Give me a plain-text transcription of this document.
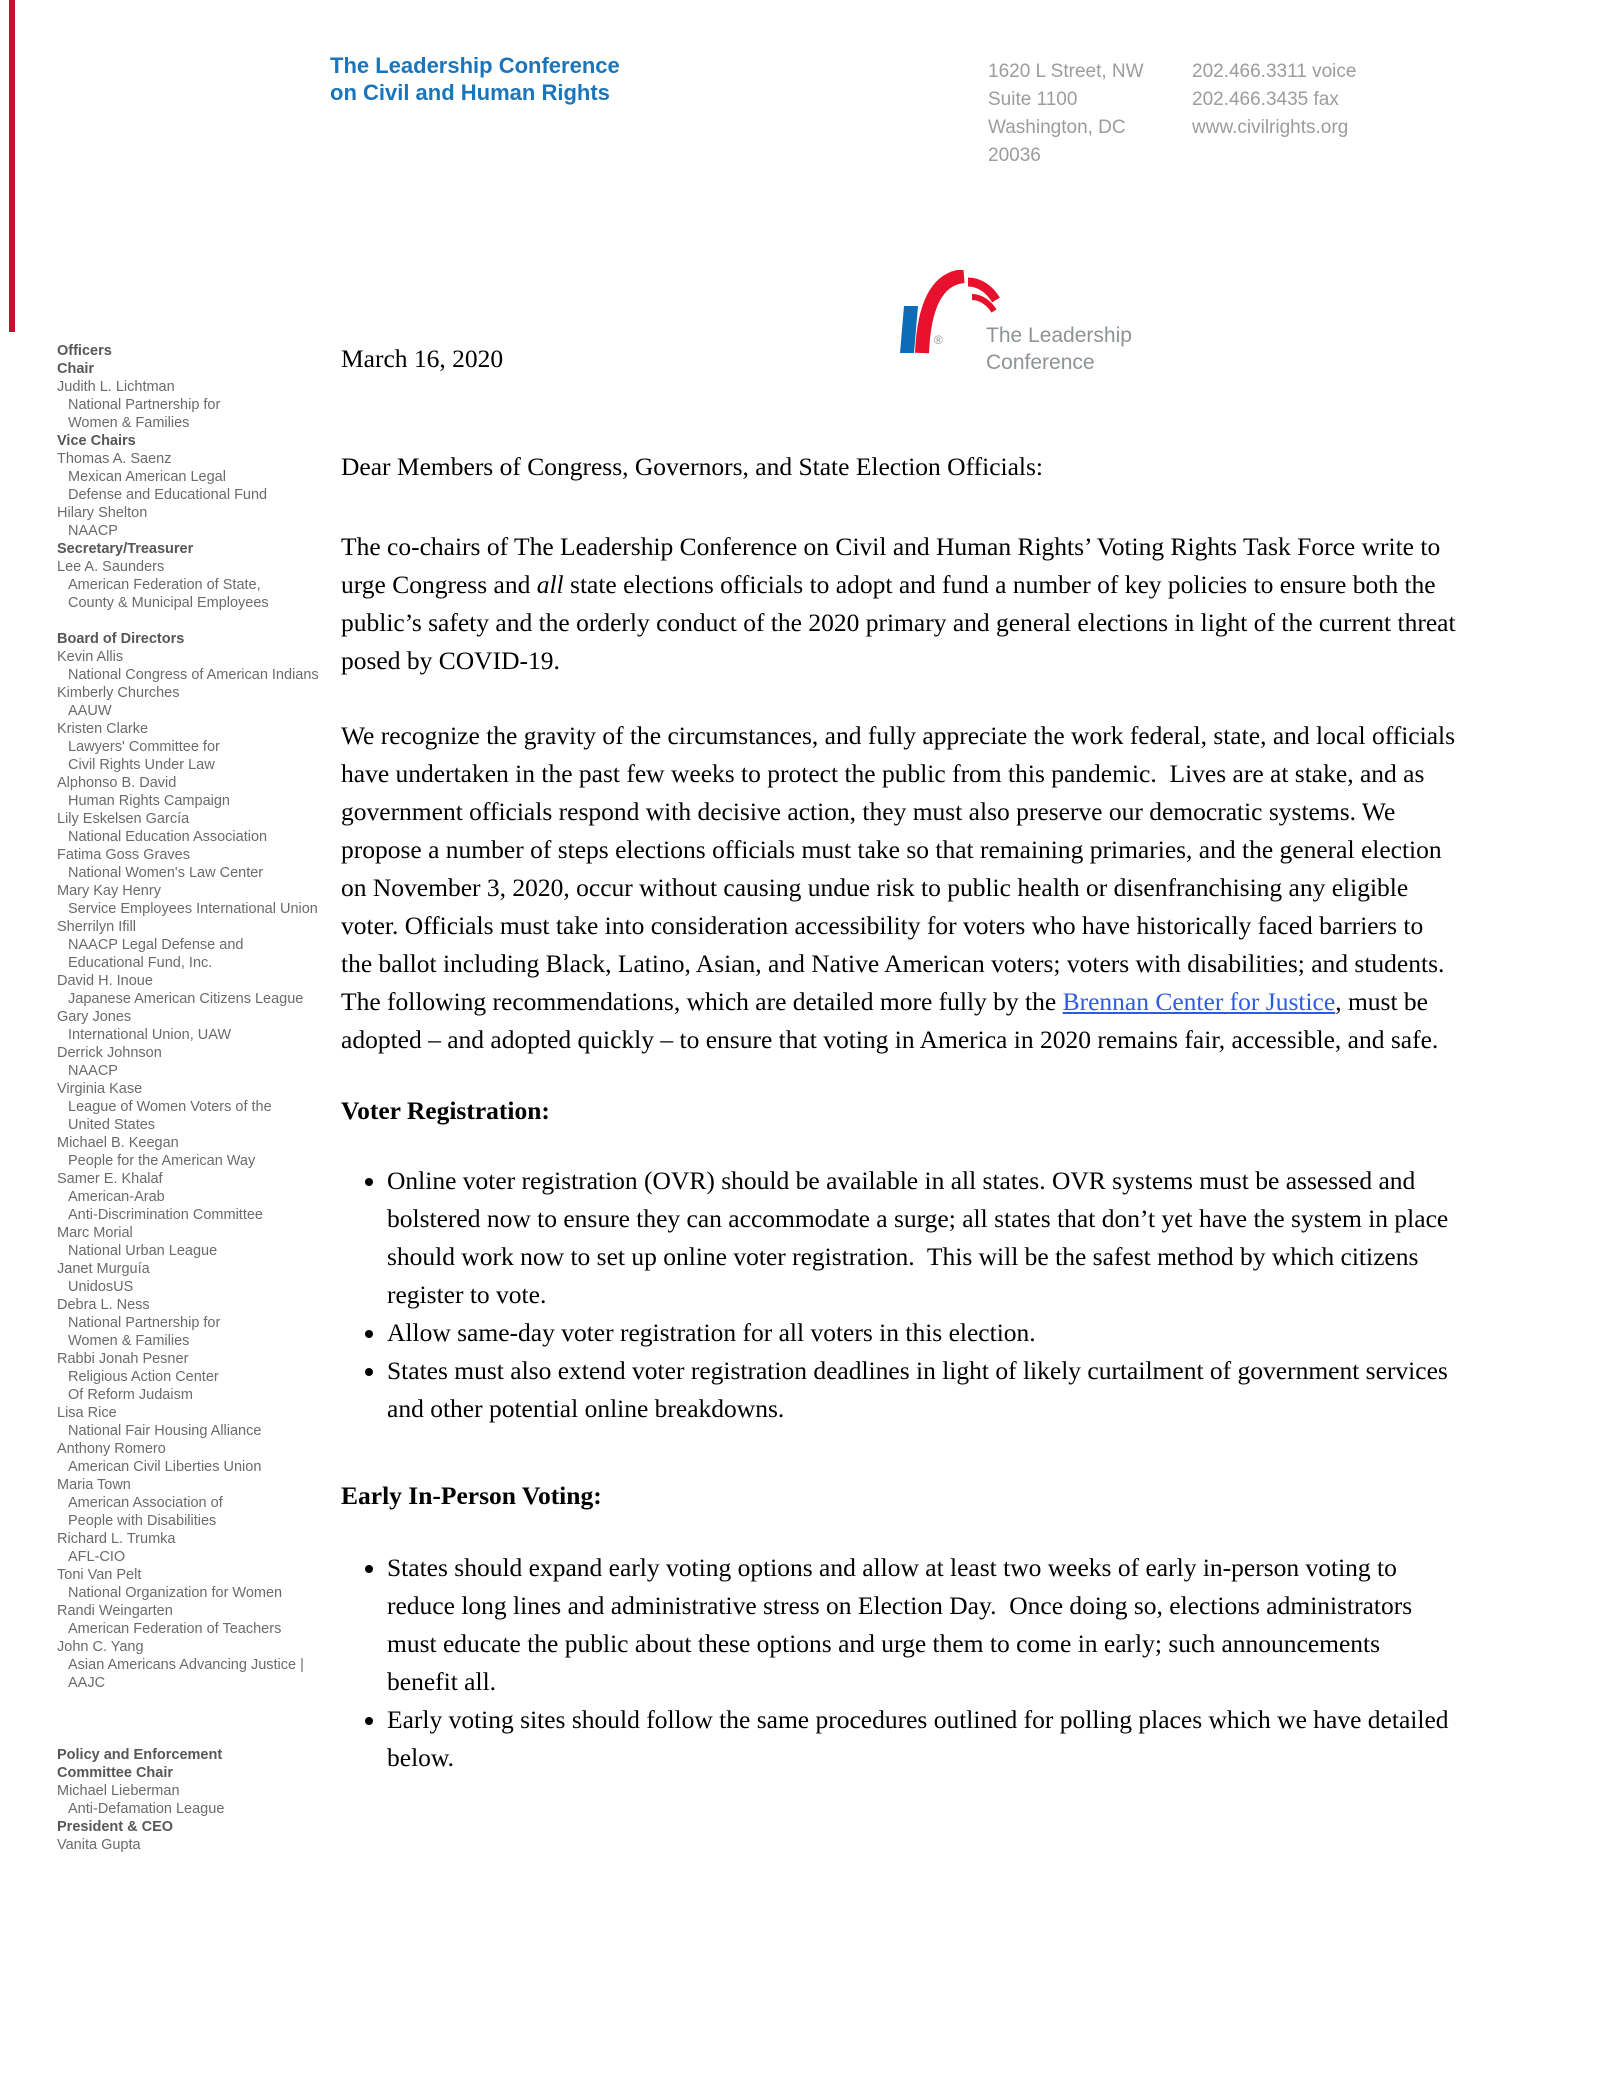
The Leadership Conference
on Civil and Human Rights
1620 L Street, NW
Suite 1100
Washington, DC
20036
202.466.3311 voice
202.466.3435 fax
www.civilrights.org
® The Leadership
Conference
Officers
Chair
Judith L. Lichtman
National Partnership for
Women & Families
Vice Chairs
Thomas A. Saenz
Mexican American Legal
Defense and Educational Fund
Hilary Shelton
NAACP
Secretary/Treasurer
Lee A. Saunders
American Federation of State,
County & Municipal Employees
Board of Directors
Kevin Allis
National Congress of American Indians
Kimberly Churches
AAUW
Kristen Clarke
Lawyers' Committee for
Civil Rights Under Law
Alphonso B. David
Human Rights Campaign
Lily Eskelsen García
National Education Association
Fatima Goss Graves
National Women's Law Center
Mary Kay Henry
Service Employees International Union
Sherrilyn Ifill
NAACP Legal Defense and
Educational Fund, Inc.
David H. Inoue
Japanese American Citizens League
Gary Jones
International Union, UAW
Derrick Johnson
NAACP
Virginia Kase
League of Women Voters of the
United States
Michael B. Keegan
People for the American Way
Samer E. Khalaf
American-Arab
Anti-Discrimination Committee
Marc Morial
National Urban League
Janet Murguía
UnidosUS
Debra L. Ness
National Partnership for
Women & Families
Rabbi Jonah Pesner
Religious Action Center
Of Reform Judaism
Lisa Rice
National Fair Housing Alliance
Anthony Romero
American Civil Liberties Union
Maria Town
American Association of
People with Disabilities
Richard L. Trumka
AFL-CIO
Toni Van Pelt
National Organization for Women
Randi Weingarten
American Federation of Teachers
John C. Yang
Asian Americans Advancing Justice |
AAJC
Policy and Enforcement
Committee Chair
Michael Lieberman
Anti-Defamation League
President & CEO
Vanita Gupta

March 16, 2020

Dear Members of Congress, Governors, and State Election Officials:

The co-chairs of The Leadership Conference on Civil and Human Rights’ Voting Rights Task Force write to urge Congress and all state elections officials to adopt and fund a number of key policies to ensure both the public’s safety and the orderly conduct of the 2020 primary and general elections in light of the current threat posed by COVID-19.

We recognize the gravity of the circumstances, and fully appreciate the work federal, state, and local officials have undertaken in the past few weeks to protect the public from this pandemic.  Lives are at stake, and as government officials respond with decisive action, they must also preserve our democratic systems. We propose a number of steps elections officials must take so that remaining primaries, and the general election on November 3, 2020, occur without causing undue risk to public health or disenfranchising any eligible voter. Officials must take into consideration accessibility for voters who have historically faced barriers to the ballot including Black, Latino, Asian, and Native American voters; voters with disabilities; and students. The following recommendations, which are detailed more fully by the Brennan Center for Justice, must be adopted – and adopted quickly – to ensure that voting in America in 2020 remains fair, accessible, and safe.

Voter Registration:
• Online voter registration (OVR) should be available in all states. OVR systems must be assessed and bolstered now to ensure they can accommodate a surge; all states that don’t yet have the system in place should work now to set up online voter registration.  This will be the safest method by which citizens register to vote.
• Allow same-day voter registration for all voters in this election.
• States must also extend voter registration deadlines in light of likely curtailment of government services and other potential online breakdowns.
Early In-Person Voting:
• States should expand early voting options and allow at least two weeks of early in-person voting to reduce long lines and administrative stress on Election Day.  Once doing so, elections administrators must educate the public about these options and urge them to come in early; such announcements benefit all.
• Early voting sites should follow the same procedures outlined for polling places which we have detailed below.
